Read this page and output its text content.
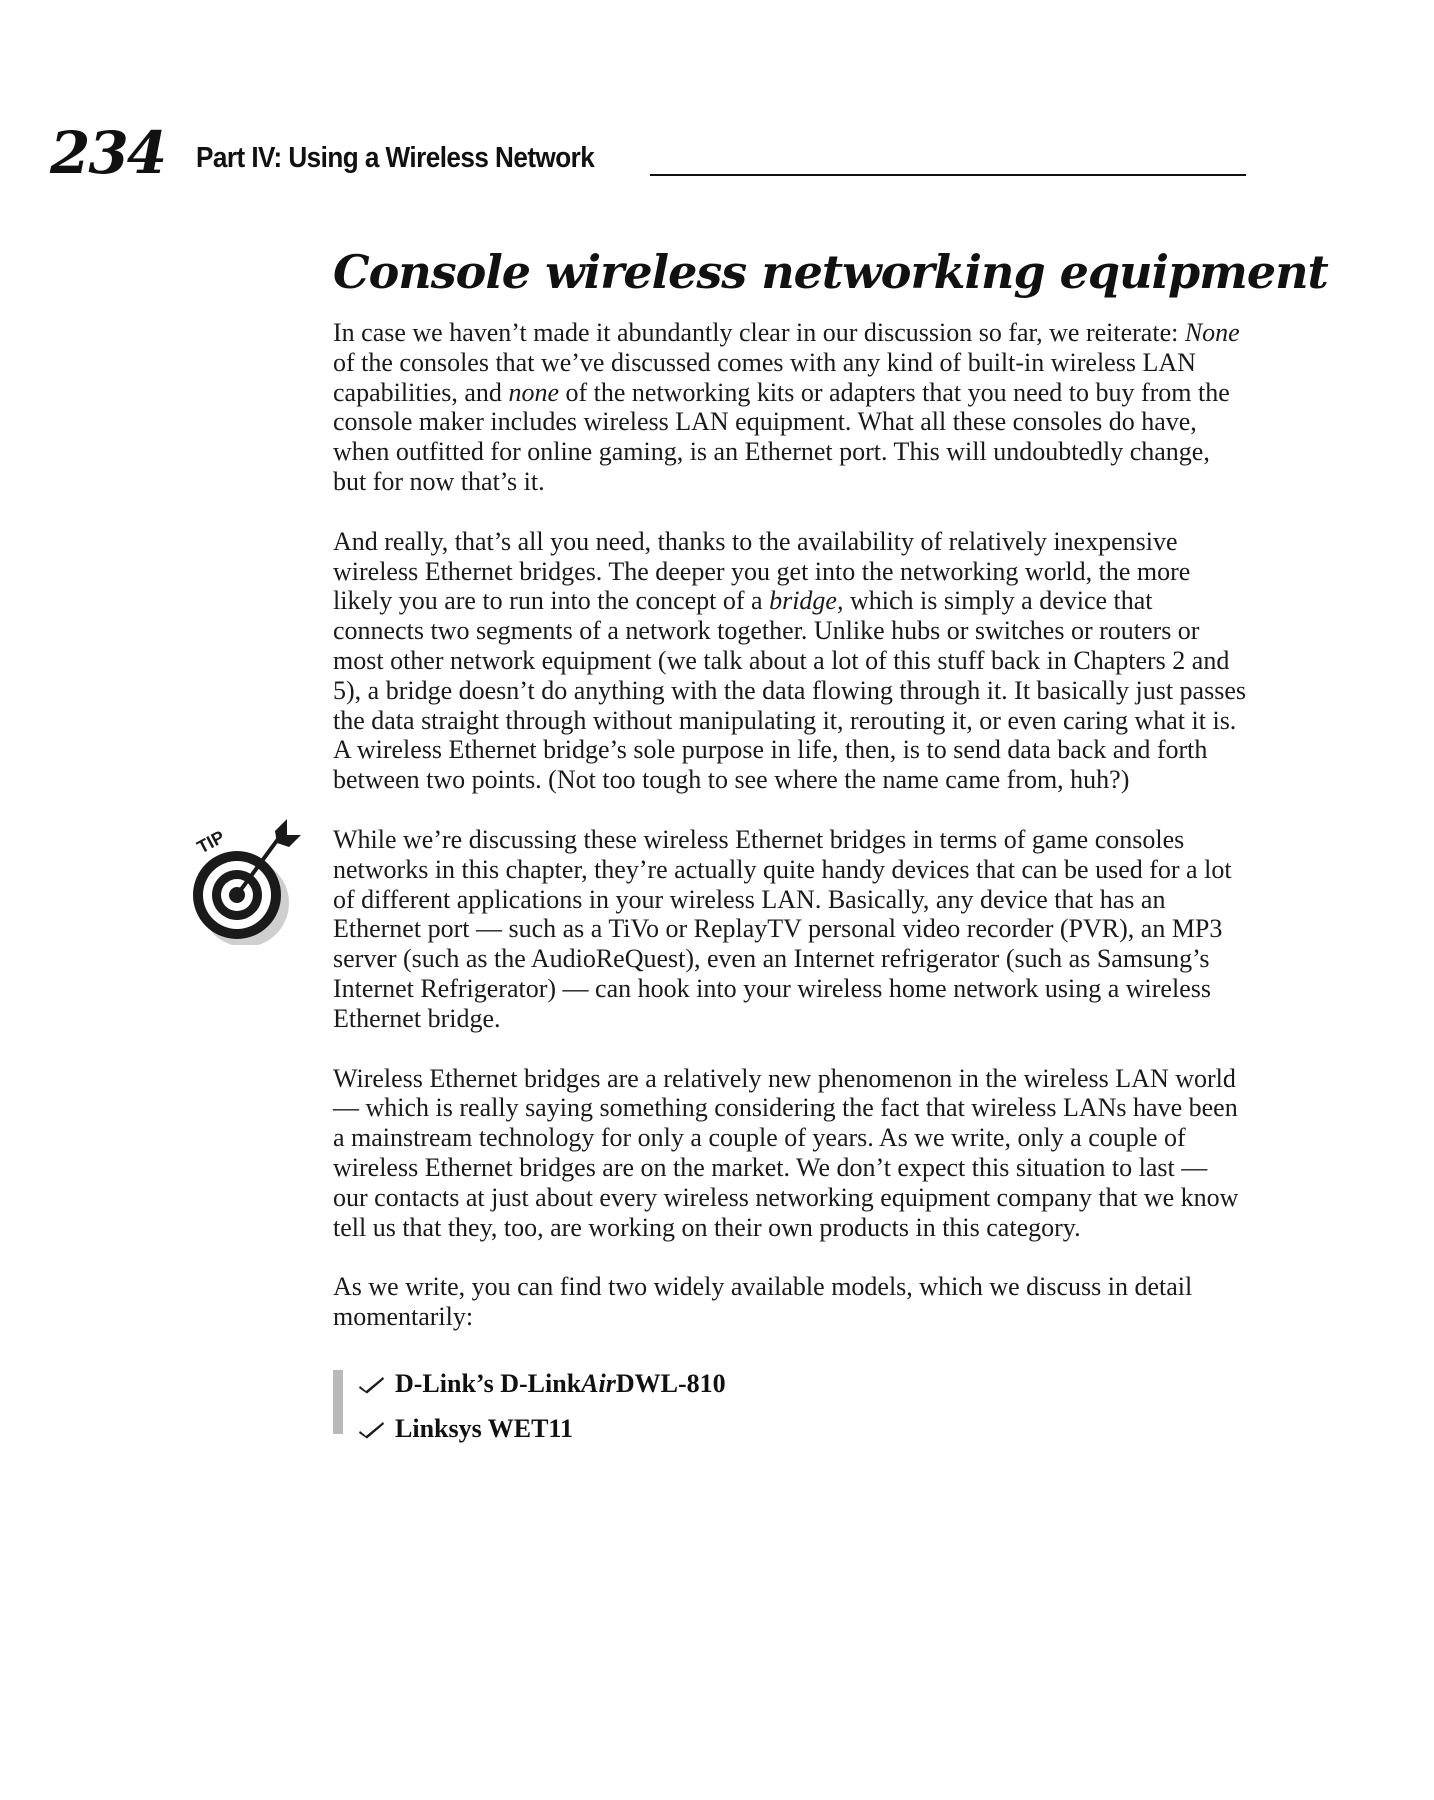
234 Part IV: Using a Wireless Network
Console wireless networking equipment

In case we haven’t made it abundantly clear in our discussion so far, we reiterate: None of the consoles that we’ve discussed comes with any kind of built-in wireless LAN capabilities, and none of the networking kits or adapters that you need to buy from the console maker includes wireless LAN equipment. What all these consoles do have, when outfitted for online gaming, is an Ethernet port. This will undoubtedly change, but for now that’s it.

And really, that’s all you need, thanks to the availability of relatively inexpensive wireless Ethernet bridges. The deeper you get into the networking world, the more likely you are to run into the concept of a bridge, which is simply a device that connects two segments of a network together. Unlike hubs or switches or routers or most other network equipment (we talk about a lot of this stuff back in Chapters 2 and 5), a bridge doesn’t do anything with the data flowing through it. It basically just passes the data straight through without manipulating it, rerouting it, or even caring what it is. A wireless Ethernet bridge’s sole purpose in life, then, is to send data back and forth between two points. (Not too tough to see where the name came from, huh?)

TIP	While we’re discussing these wireless Ethernet bridges in terms of game consoles networks in this chapter, they’re actually quite handy devices that can be used for a lot of different applications in your wireless LAN. Basically, any device that has an Ethernet port — such as a TiVo or ReplayTV personal video recorder (PVR), an MP3 server (such as the AudioReQuest), even an Internet refrigerator (such as Samsung’s Internet Refrigerator) — can hook into your wireless home network using a wireless Ethernet bridge.

Wireless Ethernet bridges are a relatively new phenomenon in the wireless LAN world — which is really saying something considering the fact that wireless LANs have been a mainstream technology for only a couple of years. As we write, only a couple of wireless Ethernet bridges are on the market. We don’t expect this situation to last — our contacts at just about every wireless networking equipment company that we know tell us that they, too, are working on their own products in this category.

As we write, you can find two widely available models, which we discuss in detail momentarily:

D-Link’s D-Link Air DWL-810
Linksys WET11
